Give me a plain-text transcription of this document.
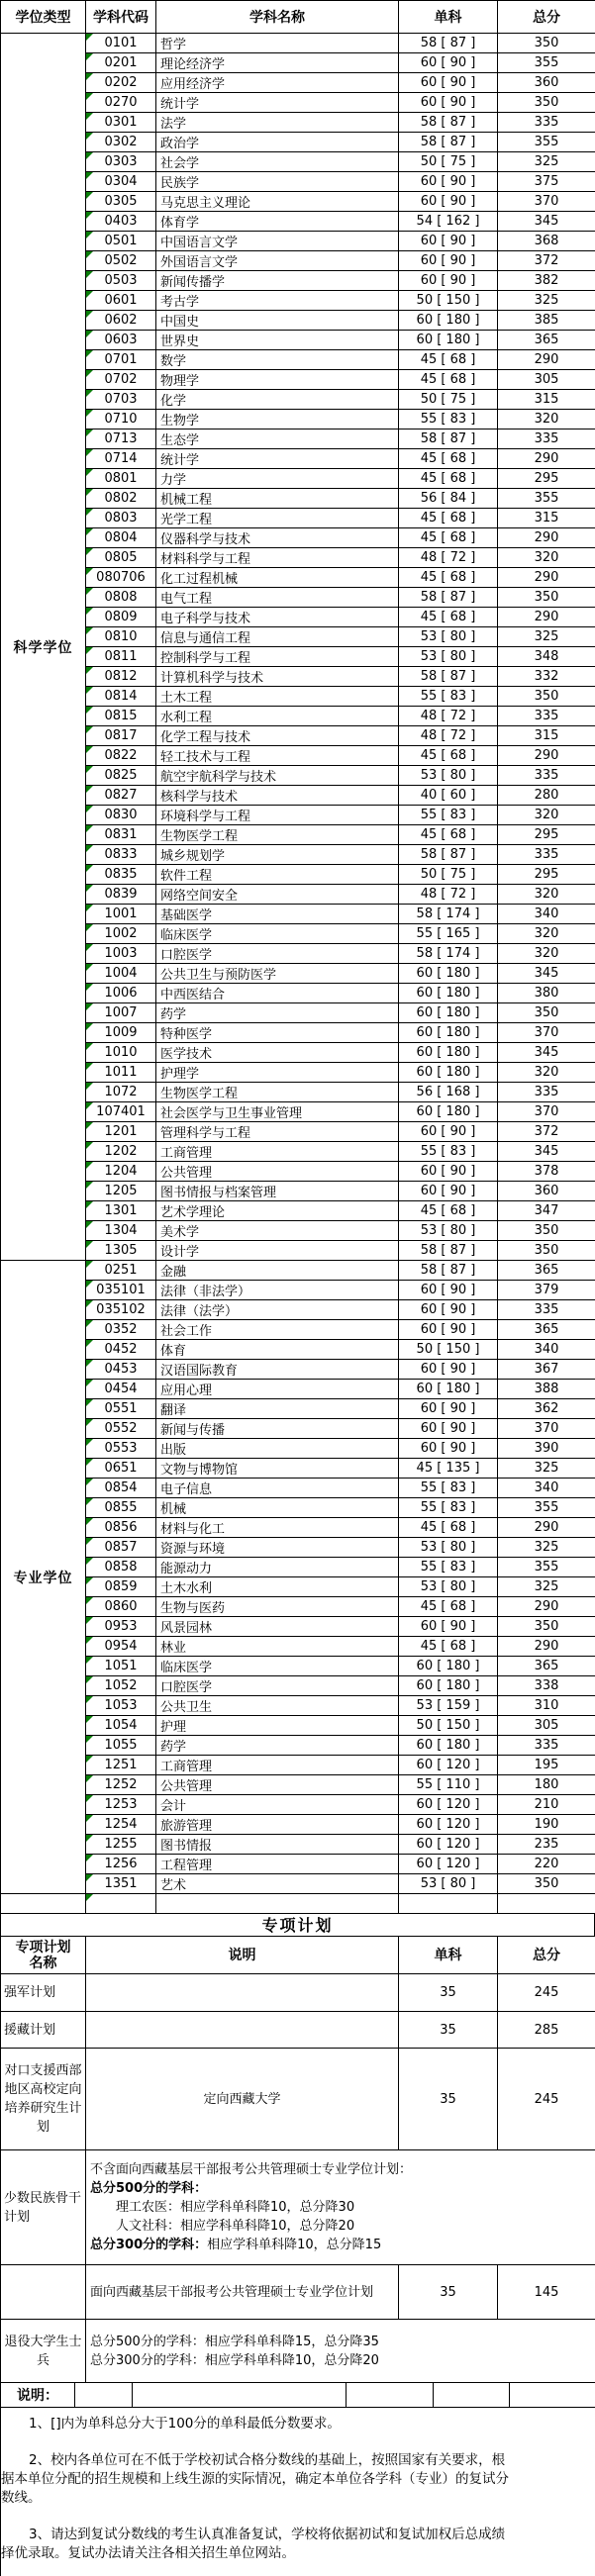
学位类型	学科代码	学科名称	单科	总分
科学学位	0101	哲学	58 [ 87 ]	350

0201	理论经济学	60 [ 90 ]	355

0202	应用经济学	60 [ 90 ]	360

0270	统计学	60 [ 90 ]	350

0301	法学	58 [ 87 ]	335

0302	政治学	58 [ 87 ]	355

0303	社会学	50 [ 75 ]	325

0304	民族学	60 [ 90 ]	375

0305	马克思主义理论	60 [ 90 ]	370

0403	体育学	54 [ 162 ]	345

0501	中国语言文学	60 [ 90 ]	368

0502	外国语言文学	60 [ 90 ]	372

0503	新闻传播学	60 [ 90 ]	382

0601	考古学	50 [ 150 ]	325

0602	中国史	60 [ 180 ]	385

0603	世界史	60 [ 180 ]	365

0701	数学	45 [ 68 ]	290

0702	物理学	45 [ 68 ]	305

0703	化学	50 [ 75 ]	315

0710	生物学	55 [ 83 ]	320

0713	生态学	58 [ 87 ]	335

0714	统计学	45 [ 68 ]	290

0801	力学	45 [ 68 ]	295

0802	机械工程	56 [ 84 ]	355

0803	光学工程	45 [ 68 ]	315

0804	仪器科学与技术	45 [ 68 ]	290

0805	材料科学与工程	48 [ 72 ]	320

080706	化工过程机械	45 [ 68 ]	290

0808	电气工程	58 [ 87 ]	350

0809	电子科学与技术	45 [ 68 ]	290

0810	信息与通信工程	53 [ 80 ]	325

0811	控制科学与工程	53 [ 80 ]	348

0812	计算机科学与技术	58 [ 87 ]	332

0814	土木工程	55 [ 83 ]	350

0815	水利工程	48 [ 72 ]	335

0817	化学工程与技术	48 [ 72 ]	315

0822	轻工技术与工程	45 [ 68 ]	290

0825	航空宇航科学与技术	53 [ 80 ]	335

0827	核科学与技术	40 [ 60 ]	280

0830	环境科学与工程	55 [ 83 ]	320

0831	生物医学工程	45 [ 68 ]	295

0833	城乡规划学	58 [ 87 ]	335

0835	软件工程	50 [ 75 ]	295

0839	网络空间安全	48 [ 72 ]	320

1001	基础医学	58 [ 174 ]	340

1002	临床医学	55 [ 165 ]	320

1003	口腔医学	58 [ 174 ]	320

1004	公共卫生与预防医学	60 [ 180 ]	345

1006	中西医结合	60 [ 180 ]	380

1007	药学	60 [ 180 ]	350

1009	特种医学	60 [ 180 ]	370

1010	医学技术	60 [ 180 ]	345

1011	护理学	60 [ 180 ]	320

1072	生物医学工程	56 [ 168 ]	335

107401	社会医学与卫生事业管理	60 [ 180 ]	370

1201	管理科学与工程	60 [ 90 ]	372

1202	工商管理	55 [ 83 ]	345

1204	公共管理	60 [ 90 ]	378

1205	图书情报与档案管理	60 [ 90 ]	360

1301	艺术学理论	45 [ 68 ]	347

1304	美术学	53 [ 80 ]	350

1305	设计学	58 [ 87 ]	350
专业学位	0251	金融	58 [ 87 ]	365

035101	法律（非法学）	60 [ 90 ]	379

035102	法律（法学）	60 [ 90 ]	335

0352	社会工作	60 [ 90 ]	365

0452	体育	50 [ 150 ]	340

0453	汉语国际教育	60 [ 90 ]	367

0454	应用心理	60 [ 180 ]	388

0551	翻译	60 [ 90 ]	362

0552	新闻与传播	60 [ 90 ]	370

0553	出版	60 [ 90 ]	390

0651	文物与博物馆	45 [ 135 ]	325

0854	电子信息	55 [ 83 ]	340

0855	机械	55 [ 83 ]	355

0856	材料与化工	45 [ 68 ]	290

0857	资源与环境	53 [ 80 ]	325

0858	能源动力	55 [ 83 ]	355

0859	土木水利	53 [ 80 ]	325

0860	生物与医药	45 [ 68 ]	290

0953	风景园林	60 [ 90 ]	350

0954	林业	45 [ 68 ]	290

1051	临床医学	60 [ 180 ]	365

1052	口腔医学	60 [ 180 ]	338

1053	公共卫生	53 [ 159 ]	310

1054	护理	50 [ 150 ]	305

1055	药学	60 [ 180 ]	335

1251	工商管理	60 [ 120 ]	195

1252	公共管理	55 [ 110 ]	180

1253	会计	60 [ 120 ]	210

1254	旅游管理	60 [ 120 ]	190

1255	图书情报	60 [ 120 ]	235

1256	工程管理	60 [ 120 ]	220

1351	艺术	53 [ 80 ]	350

专项计划
专项计划名称	说明	单科	总分
强军计划		35	245
援藏计划		35	285
对口支援西部地区高校定向培养研究生计划	定向西藏大学	35	245
少数民族骨干计划	不含面向西藏基层干部报考公共管理硕士专业学位计划：
总分500分的学科：
理工农医：相应学科单科降10，总分降30
人文社科：相应学科单科降10，总分降20
总分300分的学科：相应学科单科降10，总分降15		

	面向西藏基层干部报考公共管理硕士专业学位计划	35	145
退役大学生士兵	总分500分的学科：相应学科单科降15，总分降35
总分300分的学科：相应学科单科降10，总分降20		
说明：					

1、[]内为单科总分大于100分的单科最低分数要求。

2、校内各单位可在不低于学校初试合格分数线的基础上，按照国家有关要求，根据本单位分配的招生规模和上线生源的实际情况，确定本单位各学科（专业）的复试分数线。

3、请达到复试分数线的考生认真准备复试，学校将依据初试和复试加权后总成绩择优录取。复试办法请关注各相关招生单位网站。
